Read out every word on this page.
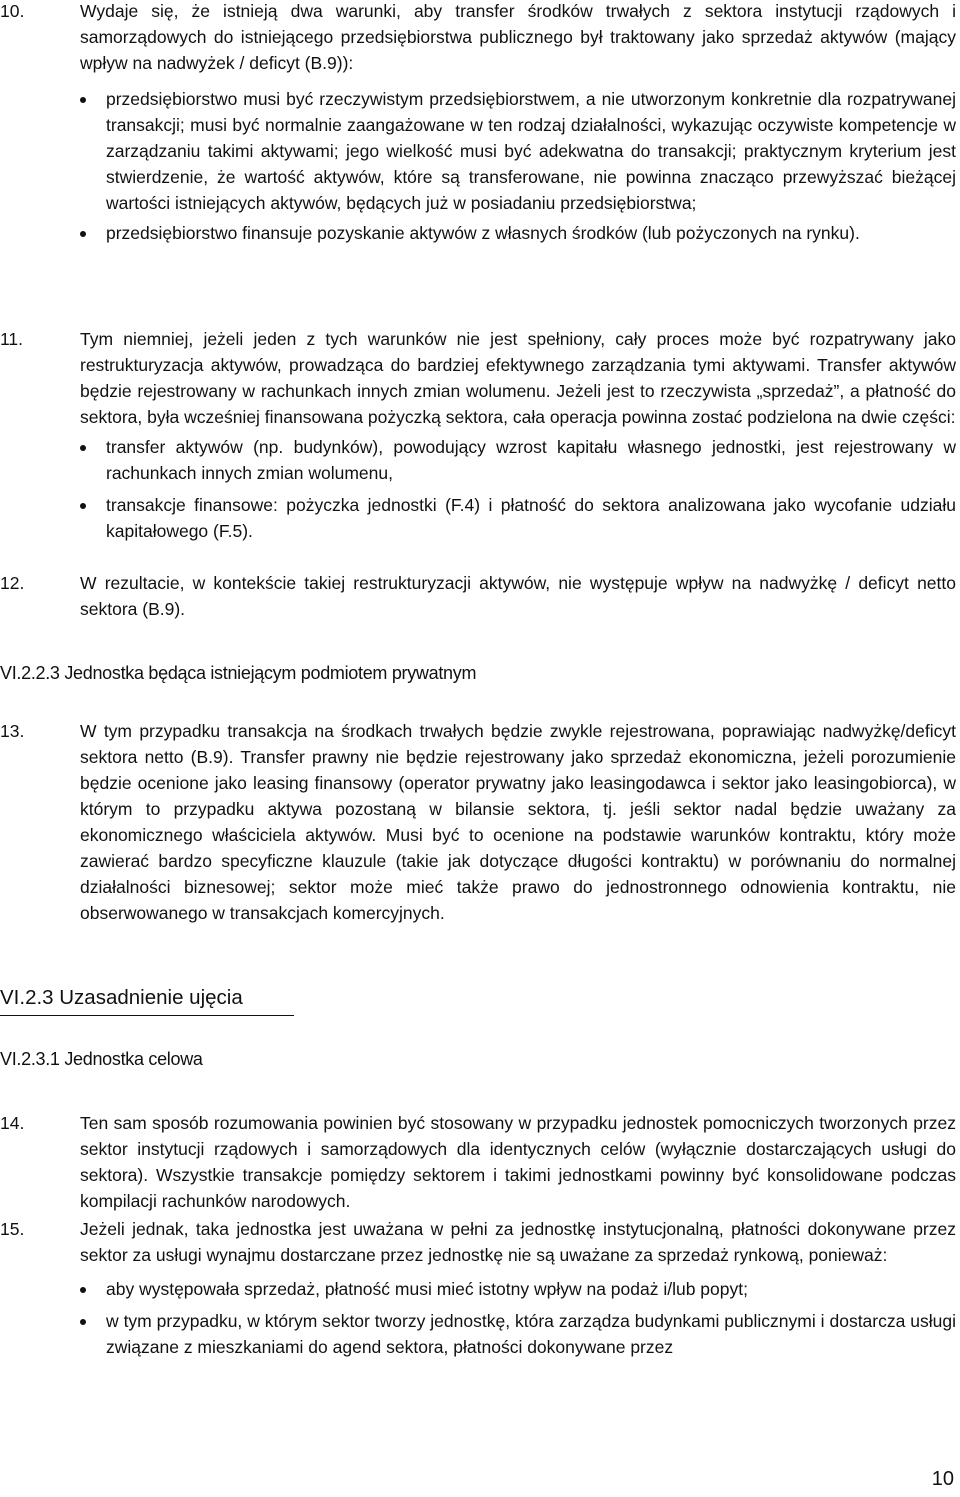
10.	Wydaje się, że istnieją dwa warunki, aby transfer środków trwałych z sektora instytucji rządowych i samorządowych do istniejącego przedsiębiorstwa publicznego był traktowany jako sprzedaż aktywów (mający wpływ na nadwyżek / deficyt (B.9)):

przedsiębiorstwo musi być rzeczywistym przedsiębiorstwem, a nie utworzonym konkretnie dla rozpatrywanej transakcji; musi być normalnie zaangażowane w ten rodzaj działalności, wykazując oczywiste kompetencje w zarządzaniu takimi aktywami; jego wielkość musi być adekwatna do transakcji; praktycznym kryterium jest stwierdzenie, że wartość aktywów, które są transferowane, nie powinna znacząco przewyższać bieżącej wartości istniejących aktywów, będących już w posiadaniu przedsiębiorstwa;
przedsiębiorstwo finansuje pozyskanie aktywów z własnych środków (lub pożyczonych na rynku).
11.	Tym niemniej, jeżeli jeden z tych warunków nie jest spełniony, cały proces może być rozpatrywany jako restrukturyzacja aktywów, prowadząca do bardziej efektywnego zarządzania tymi aktywami. Transfer aktywów będzie rejestrowany w rachunkach innych zmian wolumenu. Jeżeli jest to rzeczywista „sprzedaż”, a płatność do sektora, była wcześniej finansowana pożyczką sektora, cała operacja powinna zostać podzielona na dwie części:

transfer aktywów (np. budynków), powodujący wzrost kapitału własnego jednostki, jest rejestrowany w rachunkach innych zmian wolumenu,
transakcje finansowe: pożyczka jednostki (F.4) i płatność do sektora analizowana jako wycofanie udziału kapitałowego (F.5).
12.	W rezultacie, w kontekście takiej restrukturyzacji aktywów, nie występuje wpływ na nadwyżkę / deficyt netto sektora (B.9).

VI.2.2.3 Jednostka będąca istniejącym podmiotem prywatnym
13.	W tym przypadku transakcja na środkach trwałych będzie zwykle rejestrowana, poprawiając nadwyżkę/deficyt sektora netto (B.9). Transfer prawny nie będzie rejestrowany jako sprzedaż ekonomiczna, jeżeli porozumienie będzie ocenione jako leasing finansowy (operator prywatny jako leasingodawca i sektor jako leasingobiorca), w którym to przypadku aktywa pozostaną w bilansie sektora, tj. jeśli sektor nadal będzie uważany za ekonomicznego właściciela aktywów. Musi być to ocenione na podstawie warunków kontraktu, który może zawierać bardzo specyficzne klauzule (takie jak dotyczące długości kontraktu) w porównaniu do normalnej działalności biznesowej; sektor może mieć także prawo do jednostronnego odnowienia kontraktu, nie obserwowanego w transakcjach komercyjnych.

VI.2.3 Uzasadnienie ujęcia
VI.2.3.1 Jednostka celowa
14.	Ten sam sposób rozumowania powinien być stosowany w przypadku jednostek pomocniczych tworzonych przez sektor instytucji rządowych i samorządowych dla identycznych celów (wyłącznie dostarczających usługi do sektora). Wszystkie transakcje pomiędzy sektorem i takimi jednostkami powinny być konsolidowane podczas kompilacji rachunków narodowych.

15.	Jeżeli jednak, taka jednostka jest uważana w pełni za jednostkę instytucjonalną, płatności dokonywane przez sektor za usługi wynajmu dostarczane przez jednostkę nie są uważane za sprzedaż rynkową, ponieważ:

aby występowała sprzedaż, płatność musi mieć istotny wpływ na podaż i/lub popyt;
w tym przypadku, w którym sektor tworzy jednostkę, która zarządza budynkami publicznymi i dostarcza usługi związane z mieszkaniami do agend sektora, płatności dokonywane przez
10
